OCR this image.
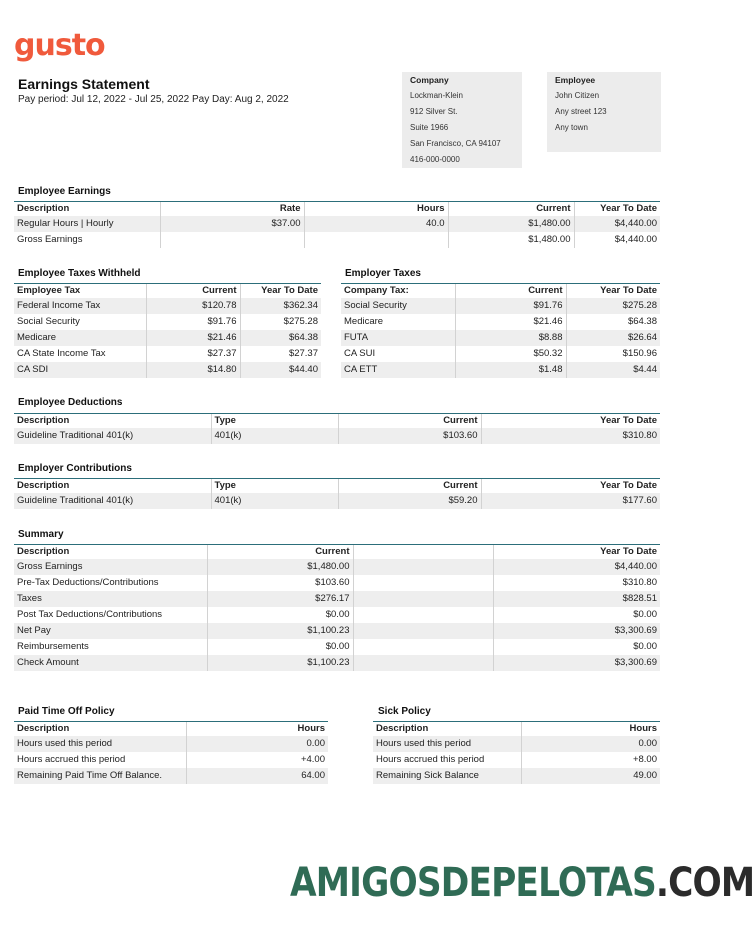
gusto
Earnings Statement
Pay period: Jul 12, 2022 - Jul 25, 2022 Pay Day: Aug 2, 2022
Company
Lockman-Klein
912 Silver St.
Suite 1966
San Francisco, CA 94107
416-000-0000
Employee
John Citizen
Any street 123
Any town
Employee Earnings
Description	Rate	Hours	Current	Year To Date
Regular Hours | Hourly	$37.00	40.0	$1,480.00	$4,440.00
Gross Earnings			$1,480.00	$4,440.00
Employee Taxes Withheld
Employee Tax	Current	Year To Date
Federal Income Tax	$120.78	$362.34
Social Security	$91.76	$275.28
Medicare	$21.46	$64.38
CA State Income Tax	$27.37	$27.37
CA SDI	$14.80	$44.40
Employer Taxes
Company Tax:	Current	Year To Date
Social Security	$91.76	$275.28
Medicare	$21.46	$64.38
FUTA	$8.88	$26.64
CA SUI	$50.32	$150.96
CA ETT	$1.48	$4.44
Employee Deductions
Description	Type	Current	Year To Date
Guideline Traditional 401(k)	401(k)	$103.60	$310.80
Employer Contributions
Description	Type	Current	Year To Date
Guideline Traditional 401(k)	401(k)	$59.20	$177.60
Summary
Description	Current		Year To Date
Gross Earnings	$1,480.00		$4,440.00
Pre-Tax Deductions/Contributions	$103.60		$310.80
Taxes	$276.17		$828.51
Post Tax Deductions/Contributions	$0.00		$0.00
Net Pay	$1,100.23		$3,300.69
Reimbursements	$0.00		$0.00
Check Amount	$1,100.23		$3,300.69
Paid Time Off Policy
Description	Hours
Hours used this period	0.00
Hours accrued this period	+4.00
Remaining Paid Time Off Balance.	64.00
Sick Policy
Description	Hours
Hours used this period	0.00
Hours accrued this period	+8.00
Remaining Sick Balance	49.00
AMIGOSDEPELOTAS.COM
